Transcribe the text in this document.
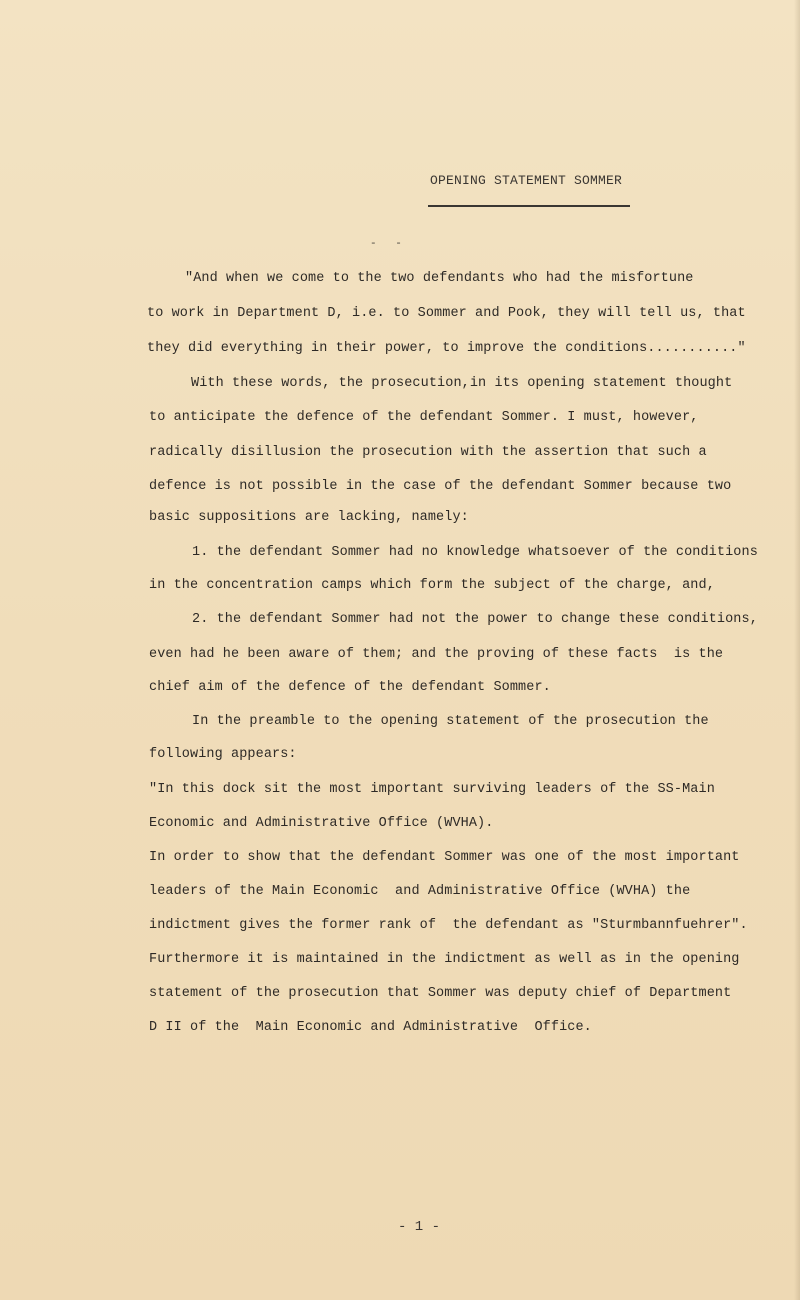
OPENING STATEMENT SOMMER
- -
"And when we come to the two defendants who had the misfortune
to work in Department D, i.e. to Sommer and Pook, they will tell us, that
they did everything in their power, to improve the conditions..........."
With these words, the prosecution,in its opening statement thought
to anticipate the defence of the defendant Sommer. I must, however,
radically disillusion the prosecution with the assertion that such a
defence is not possible in the case of the defendant Sommer because two
basic suppositions are lacking, namely:
1. the defendant Sommer had no knowledge whatsoever of the conditions
in the concentration camps which form the subject of the charge, and,
2. the defendant Sommer had not the power to change these conditions,
even had he been aware of them; and the proving of these facts  is the
chief aim of the defence of the defendant Sommer.
In the preamble to the opening statement of the prosecution the
following appears:
"In this dock sit the most important surviving leaders of the SS-Main
Economic and Administrative Office (WVHA).
In order to show that the defendant Sommer was one of the most important
leaders of the Main Economic  and Administrative Office (WVHA) the
indictment gives the former rank of  the defendant as "Sturmbannfuehrer".
Furthermore it is maintained in the indictment as well as in the opening
statement of the prosecution that Sommer was deputy chief of Department
D II of the  Main Economic and Administrative  Office.
- 1 -
